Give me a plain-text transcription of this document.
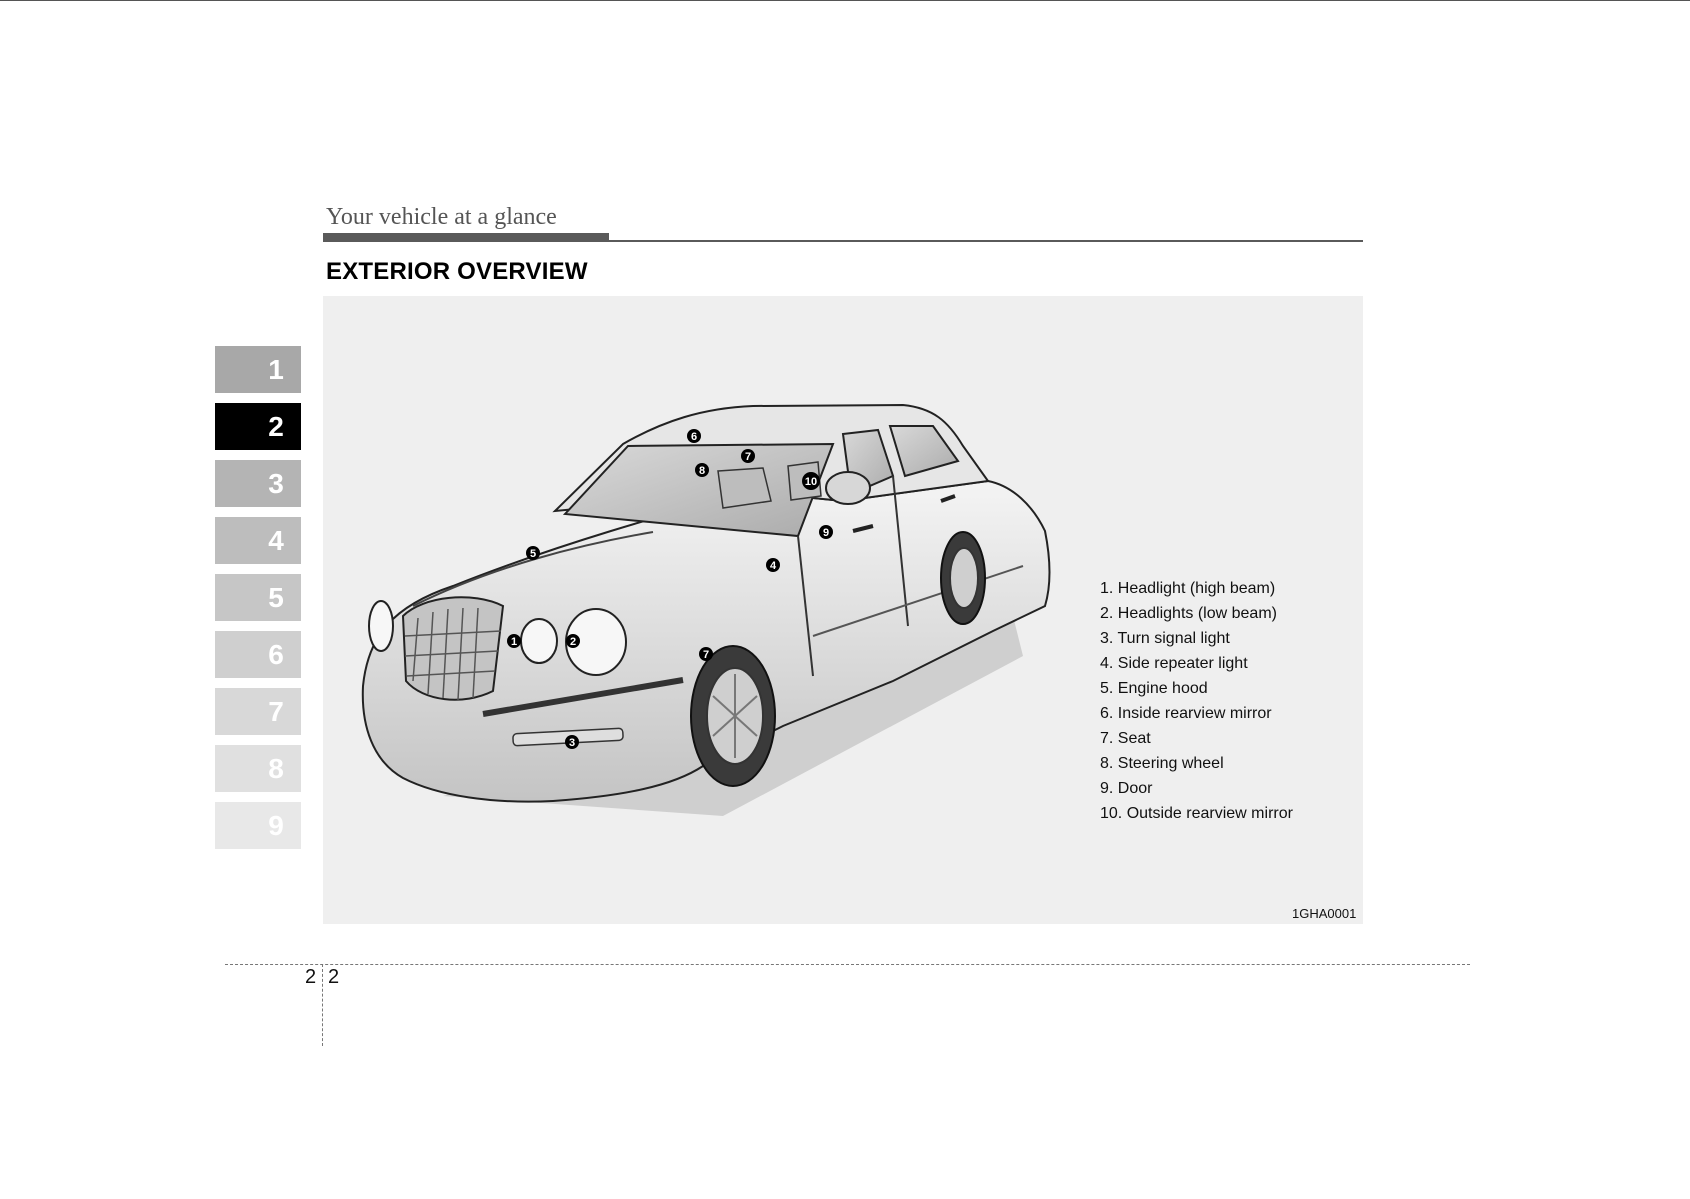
Your vehicle at a glance
EXTERIOR OVERVIEW
1
2
3
4
5
6
7
8
9
1	2
3
4
5
6
7
7
8
9
10
1. Headlight (high beam)
2. Headlights (low beam)
3. Turn signal light
4. Side repeater light
5. Engine hood
6. Inside rearview mirror
7. Seat
8. Steering wheel
9. Door
10. Outside rearview mirror
1GHA0001
2 2
